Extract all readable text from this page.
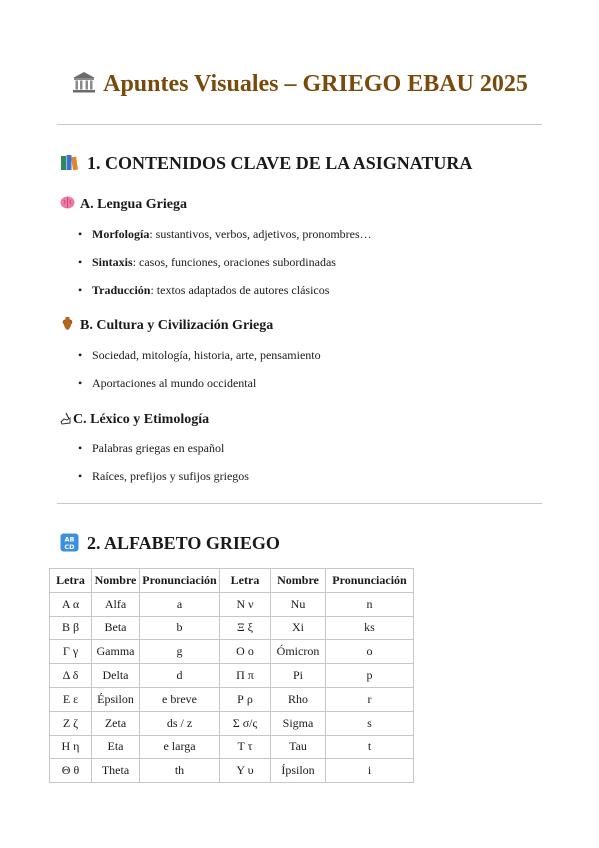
Apuntes Visuales – GRIEGO EBAU 2025
1. CONTENIDOS CLAVE DE LA ASIGNATURA
A. Lengua Griega
• Morfología: sustantivos, verbos, adjetivos, pronombres…
• Sintaxis: casos, funciones, oraciones subordinadas
• Traducción: textos adaptados de autores clásicos
B. Cultura y Civilización Griega
• Sociedad, mitología, historia, arte, pensamiento
• Aportaciones al mundo occidental
C. Léxico y Etimología
• Palabras griegas en español
• Raíces, prefijos y sufijos griegos
AB
CD 2. ALFABETO GRIEGO
Letra	Nombre	Pronunciación	Letra	Nombre	Pronunciación
Α α	Alfa	a	Ν ν	Nu	n
Β β	Beta	b	Ξ ξ	Xi	ks
Γ γ	Gamma	g	Ο ο	Ómicron	o
Δ δ	Delta	d	Π π	Pi	p
Ε ε	Épsilon	e breve	Ρ ρ	Rho	r
Ζ ζ	Zeta	ds / z	Σ σ/ς	Sigma	s
Η η	Eta	e larga	Τ τ	Tau	t
Θ θ	Theta	th	Υ υ	Ípsilon	i
